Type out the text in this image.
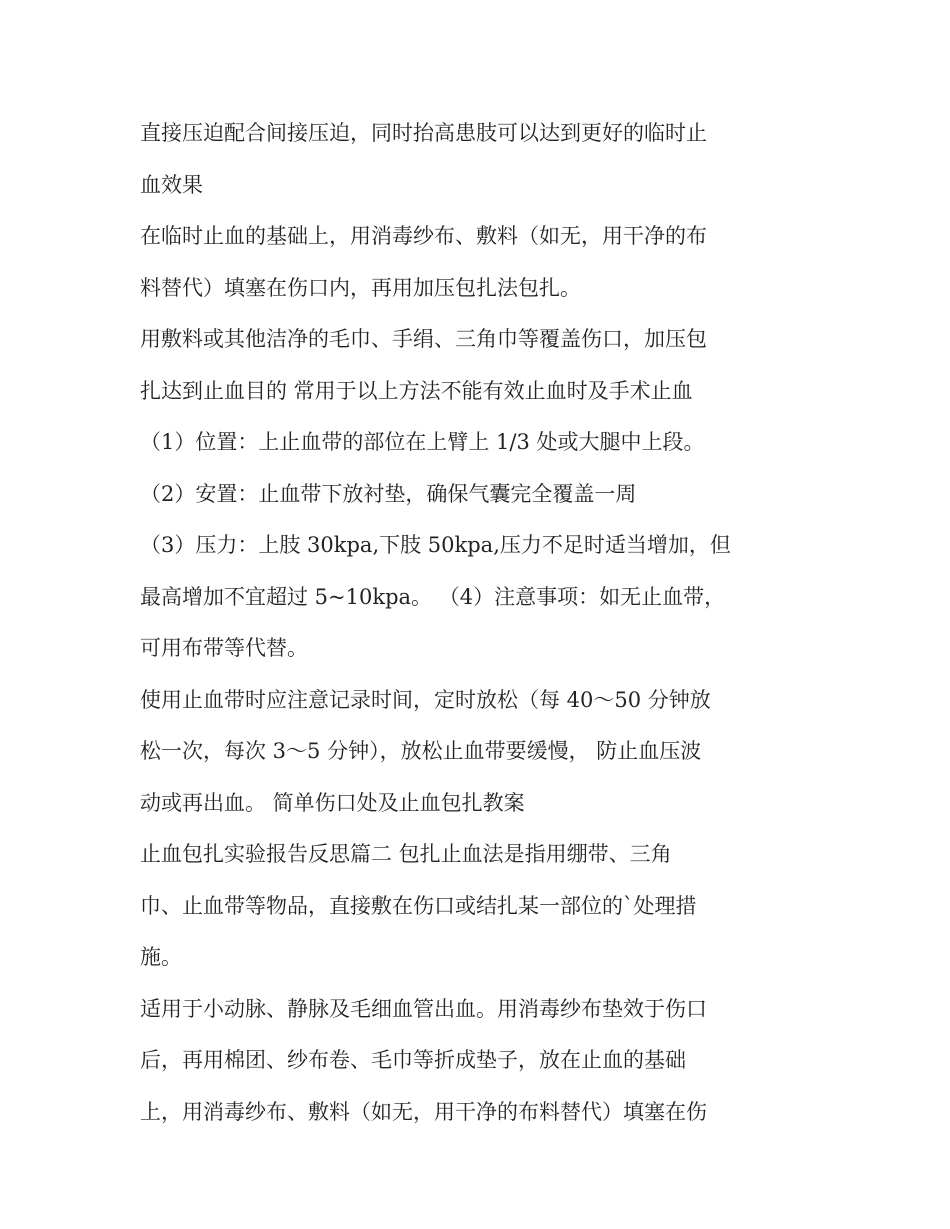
直接压迫配合间接压迫，同时抬高患肢可以达到更好的临时止
血效果
在临时止血的基础上，用消毒纱布、敷料（如无，用干净的布
料替代）填塞在伤口内，再用加压包扎法包扎。
用敷料或其他洁净的毛巾、手绢、三角巾等覆盖伤口，加压包
扎达到止血目的 常用于以上方法不能有效止血时及手术止血
（1）位置：上止血带的部位在上臂上 1/3 处或大腿中上段。
（2）安置：止血带下放衬垫，确保气囊完全覆盖一周
（3）压力：上肢 30kpa,下肢 50kpa,压力不足时适当增加，但
最高增加不宜超过 5~10kpa。 （4）注意事项：如无止血带，
可用布带等代替。
使用止血带时应注意记录时间，定时放松（每 40～50 分钟放
松一次，每次 3～5 分钟），放松止血带要缓慢， 防止血压波
动或再出血。 简单伤口处及止血包扎教案
止血包扎实验报告反思篇二 包扎止血法是指用绷带、三角
巾、止血带等物品，直接敷在伤口或结扎某一部位的`处理措
施。
适用于小动脉、静脉及毛细血管出血。用消毒纱布垫效于伤口
后，再用棉团、纱布卷、毛巾等折成垫子，放在止血的基础
上，用消毒纱布、敷料（如无，用干净的布料替代）填塞在伤
